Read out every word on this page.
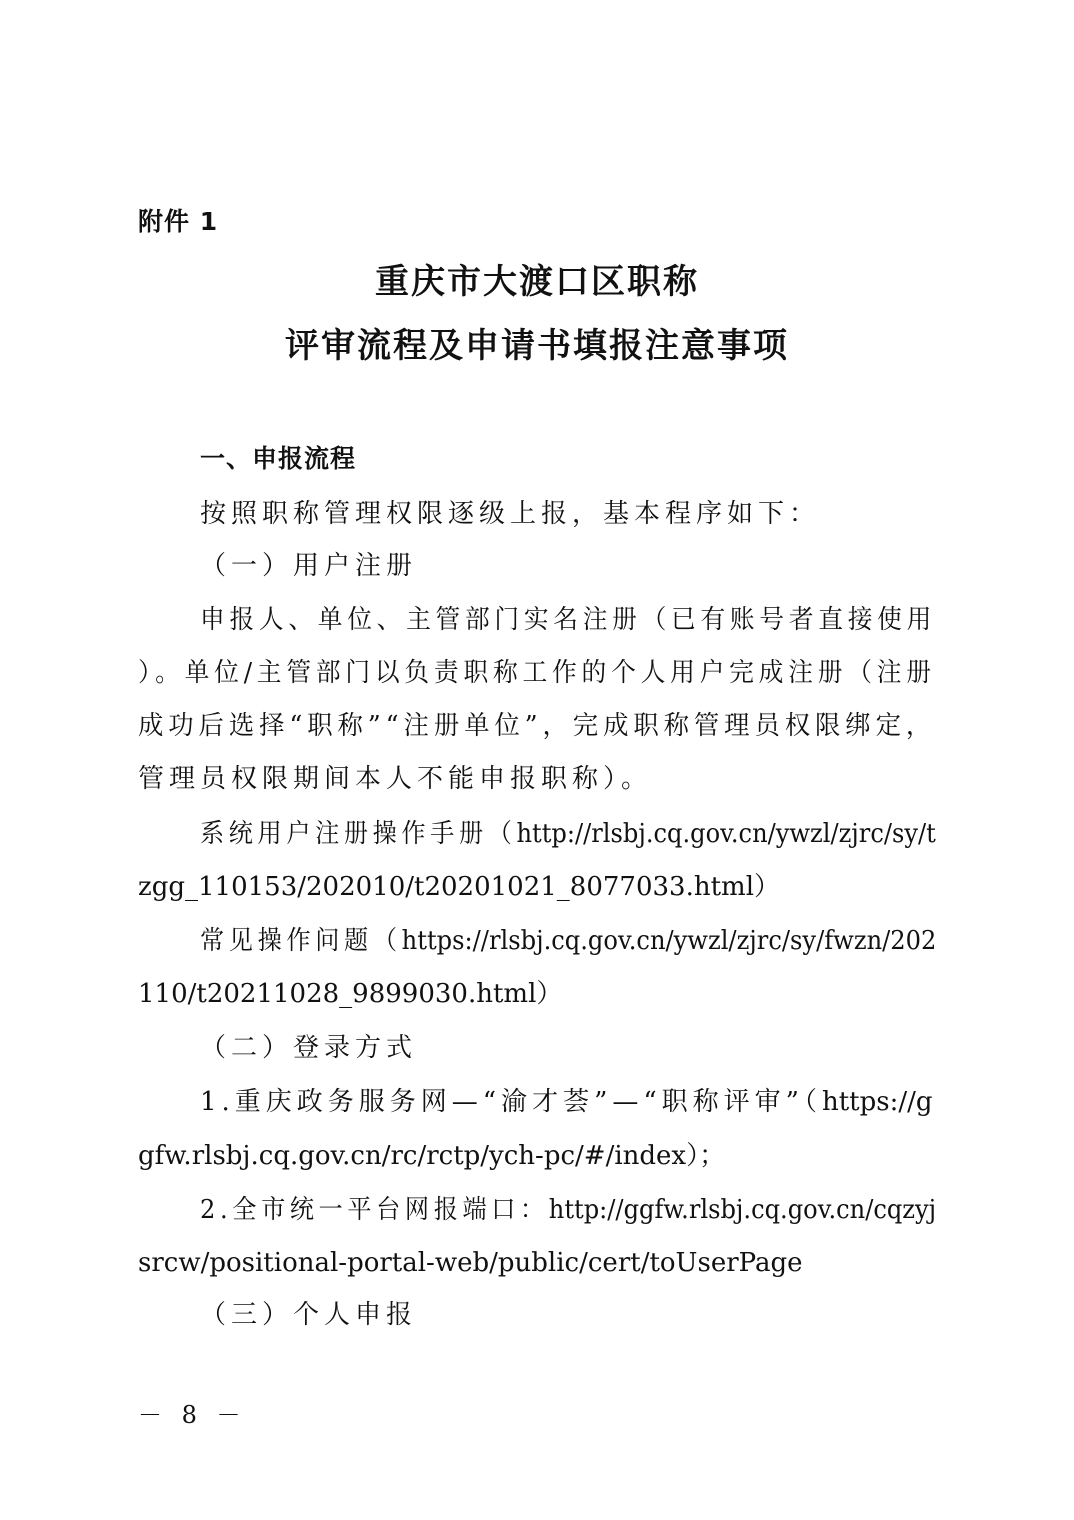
附件 1
重庆市大渡口区职称
评审流程及申请书填报注意事项
一、申报流程
按照职称管理权限逐级上报，基本程序如下：
（一）用户注册
申报人、单位、主管部门实名注册（已有账号者直接使用
）。单位/主管部门以负责职称工作的个人用户完成注册（注册
成功后选择“职称”“注册单位”，完成职称管理员权限绑定，
管理员权限期间本人不能申报职称）。
系统用户注册操作手册（http://rlsbj.cq.gov.cn/ywzl/zjrc/sy/t
zgg_110153/202010/t20201021_8077033.html）
常见操作问题（https://rlsbj.cq.gov.cn/ywzl/zjrc/sy/fwzn/202
110/t20211028_9899030.html）
（二）登录方式
1.重庆政务服务网—“渝才荟”—“职称评审”（https://g
gfw.rlsbj.cq.gov.cn/rc/rctp/ych-pc/#/index）；
2.全市统一平台网报端口：http://ggfw.rlsbj.cq.gov.cn/cqzyj
srcw/positional-portal-web/public/cert/toUserPage
（三）个人申报
－ 8 －
